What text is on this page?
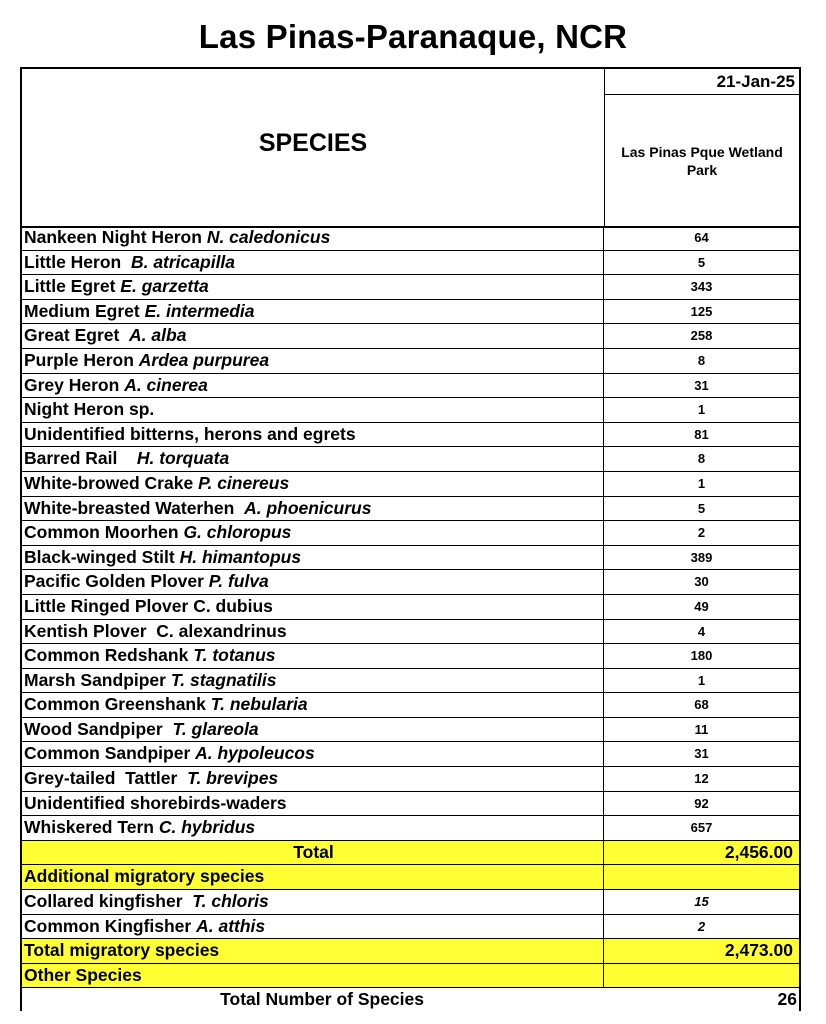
Las Pinas-Paranaque, NCR
SPECIES
21-Jan-25
Las Pinas Pque Wetland Park
Nankeen Night Heron N. caledonicus	64
Little Heron  B. atricapilla	5
Little Egret E. garzetta	343
Medium Egret E. intermedia	125
Great Egret  A. alba	258
Purple Heron Ardea purpurea	8
Grey Heron A. cinerea	31
Night Heron sp.	1
Unidentified bitterns, herons and egrets	81
Barred Rail    H. torquata	8
White-browed Crake P. cinereus	1
White-breasted Waterhen  A. phoenicurus	5
Common Moorhen G. chloropus	2
Black-winged Stilt H. himantopus	389
Pacific Golden Plover P. fulva	30
Little Ringed Plover C. dubius	49
Kentish Plover  C. alexandrinus	4
Common Redshank T. totanus	180
Marsh Sandpiper T. stagnatilis	1
Common Greenshank T. nebularia	68
Wood Sandpiper  T. glareola	11
Common Sandpiper A. hypoleucos	31
Grey-tailed  Tattler  T. brevipes	12
Unidentified shorebirds-waders	92
Whiskered Tern C. hybridus	657
Total	2,456.00
Additional migratory species
Collared kingfisher  T. chloris	15
Common Kingfisher A. atthis	2
Total migratory species	2,473.00
Other Species
Total Number of Species	26
